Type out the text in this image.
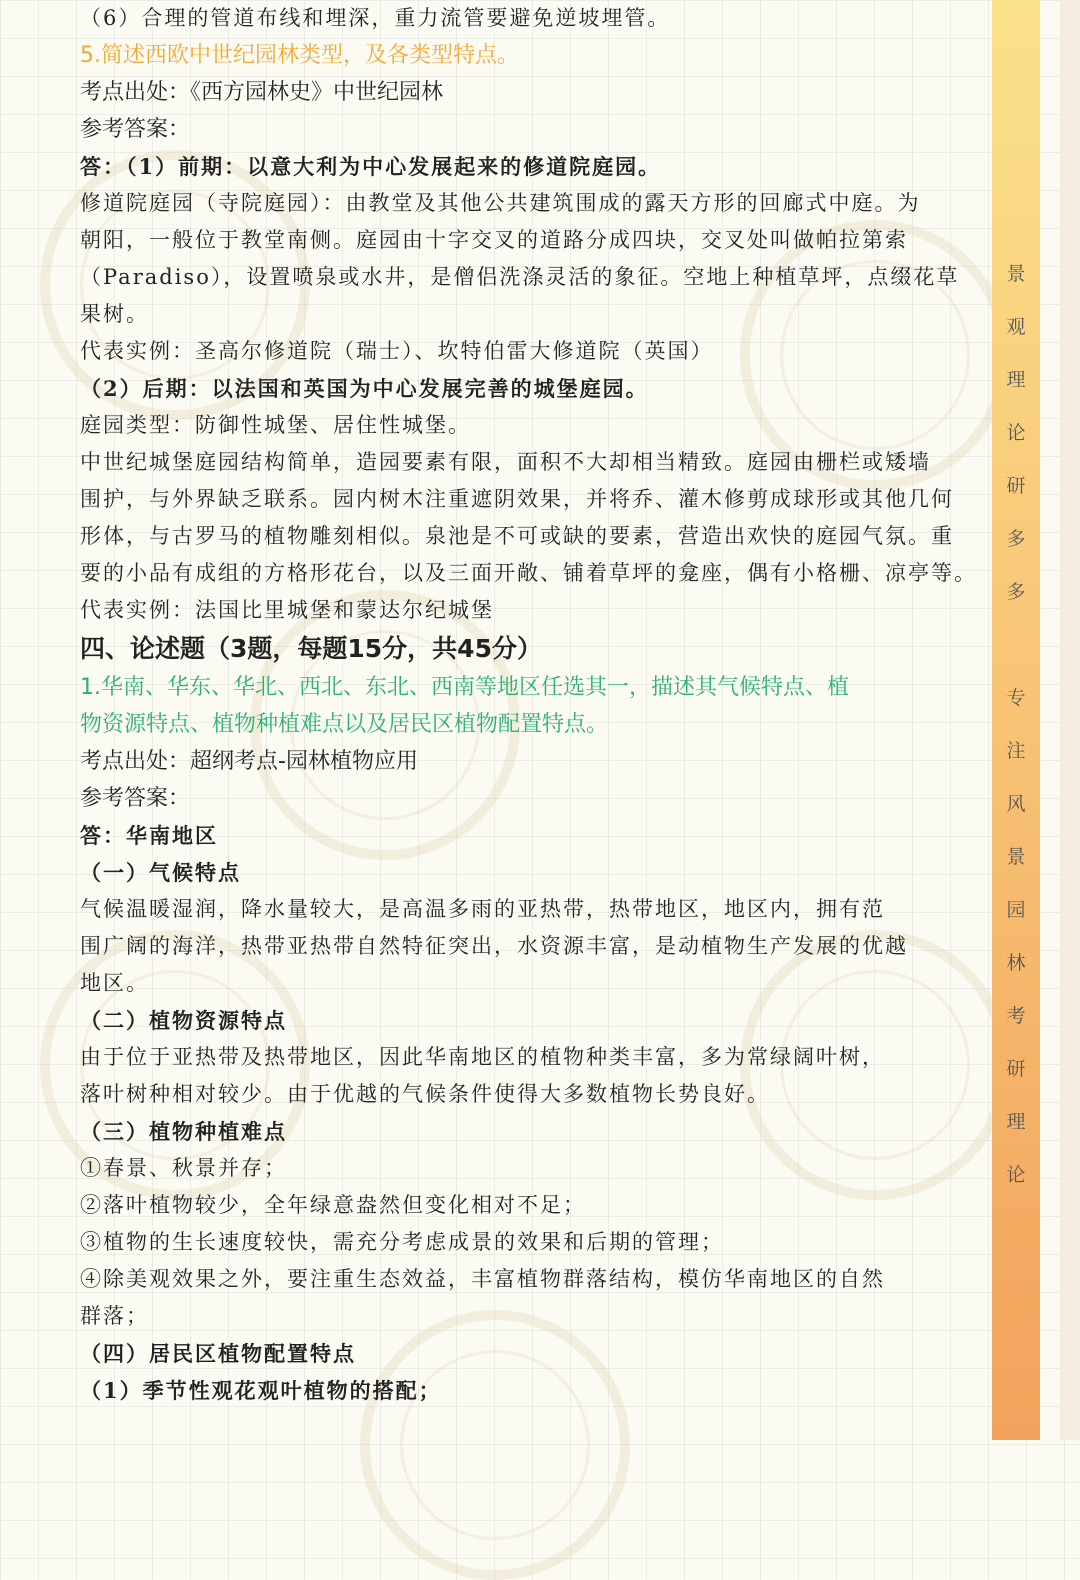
（6）合理的管道布线和埋深，重力流管要避免逆坡埋管。

5.简述西欧中世纪园林类型，及各类型特点。

考点出处：《西方园林史》中世纪园林

参考答案：

答：（1）前期：以意大利为中心发展起来的修道院庭园。

修道院庭园（寺院庭园）：由教堂及其他公共建筑围成的露天方形的回廊式中庭。为

朝阳，一般位于教堂南侧。庭园由十字交叉的道路分成四块，交叉处叫做帕拉第索

（Paradiso），设置喷泉或水井，是僧侣洗涤灵活的象征。空地上种植草坪，点缀花草

果树。

代表实例：圣高尔修道院（瑞士）、坎特伯雷大修道院（英国）

（2）后期：以法国和英国为中心发展完善的城堡庭园。

庭园类型：防御性城堡、居住性城堡。

中世纪城堡庭园结构简单，造园要素有限，面积不大却相当精致。庭园由栅栏或矮墙

围护，与外界缺乏联系。园内树木注重遮阴效果，并将乔、灌木修剪成球形或其他几何

形体，与古罗马的植物雕刻相似。泉池是不可或缺的要素，营造出欢快的庭园气氛。重

要的小品有成组的方格形花台，以及三面开敞、铺着草坪的龛座，偶有小格栅、凉亭等。

代表实例：法国比里城堡和蒙达尔纪城堡

四、论述题（3题，每题15分，共45分）

1.华南、华东、华北、西北、东北、西南等地区任选其一，描述其气候特点、植

物资源特点、植物种植难点以及居民区植物配置特点。

考点出处：超纲考点-园林植物应用

参考答案：

答：华南地区

（一）气候特点

气候温暖湿润，降水量较大，是高温多雨的亚热带，热带地区，地区内，拥有范

围广阔的海洋，热带亚热带自然特征突出，水资源丰富，是动植物生产发展的优越

地区。

（二）植物资源特点

由于位于亚热带及热带地区，因此华南地区的植物种类丰富，多为常绿阔叶树，

落叶树种相对较少。由于优越的气候条件使得大多数植物长势良好。

（三）植物种植难点

①春景、秋景并存；

②落叶植物较少，全年绿意盎然但变化相对不足；

③植物的生长速度较快，需充分考虑成景的效果和后期的管理；

④除美观效果之外，要注重生态效益，丰富植物群落结构，模仿华南地区的自然

群落；

（四）居民区植物配置特点

（1）季节性观花观叶植物的搭配；

景
观
理
论
研
多
多

专
注
风
景
园
林
考
研
理
论
